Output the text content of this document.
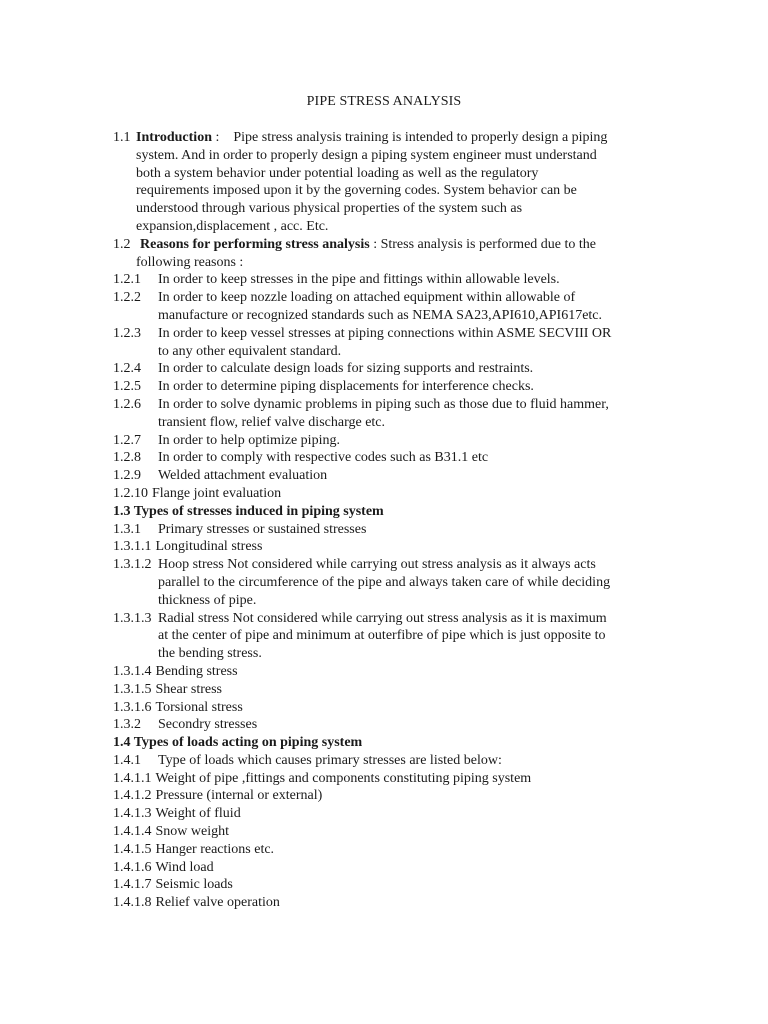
PIPE STRESS ANALYSIS
1.1 Introduction :    Pipe stress analysis training is intended to properly design a piping
system. And in order to properly design a piping system engineer must understand
both a system behavior under potential loading as well as the regulatory
requirements imposed upon it by the governing codes. System behavior can be
understood through various physical properties of the system such as
expansion,displacement , acc. Etc.
1.2 Reasons for performing stress analysis : Stress analysis is performed due to the
following reasons :
1.2.1	In order to keep stresses in the pipe and fittings within allowable levels.
1.2.2	In order to keep nozzle loading on attached equipment within allowable of
manufacture or recognized standards such as NEMA SA23,API610,API617etc.
1.2.3	In order to keep vessel stresses at piping connections within ASME SECVIII OR
to any other equivalent standard.
1.2.4	In order to calculate design loads for sizing supports and restraints.
1.2.5	In order to determine piping displacements for interference checks.
1.2.6	In order to solve dynamic problems in piping such as those due to fluid hammer,
transient flow, relief valve discharge etc.
1.2.7	In order to help optimize piping.
1.2.8	In order to comply with respective codes such as B31.1 etc
1.2.9	Welded attachment evaluation
1.2.10 Flange joint evaluation
1.3 Types of stresses induced in piping system
1.3.1	Primary stresses or sustained stresses
1.3.1.1 Longitudinal stress
1.3.1.2 Hoop stress Not considered while carrying out stress analysis as it always acts
parallel to the circumference of the pipe and always taken care of while deciding
thickness of pipe.
1.3.1.3 Radial stress Not considered while carrying out stress analysis as it is maximum
at the center of pipe and minimum at outerfibre of pipe which is just opposite to
the bending stress.
1.3.1.4 Bending stress
1.3.1.5 Shear stress
1.3.1.6 Torsional stress
1.3.2	Secondry stresses
1.4 Types of loads acting on piping system
1.4.1	Type of loads which causes primary stresses are listed below:
1.4.1.1 Weight of pipe ,fittings and components constituting piping system
1.4.1.2 Pressure (internal or external)
1.4.1.3 Weight of fluid
1.4.1.4 Snow weight
1.4.1.5 Hanger reactions etc.
1.4.1.6 Wind load
1.4.1.7 Seismic loads
1.4.1.8 Relief valve operation
